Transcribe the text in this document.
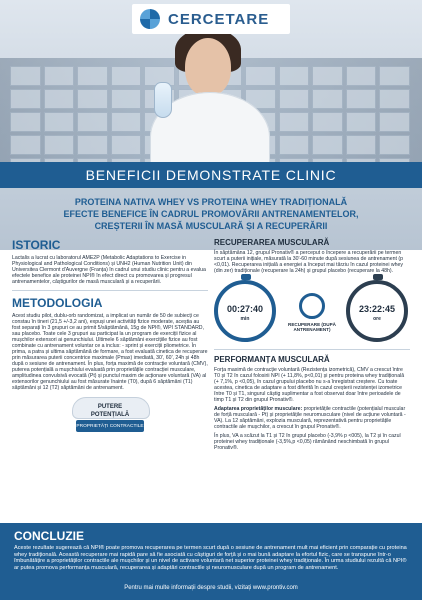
CERCETARE
BENEFICII DEMONSTRATE CLINIC
PROTEINA NATIVA WHEY VS PROTEINA WHEY TRADIȚIONALĂ
EFECTE BENEFICE ÎN CADRUL PROMOVĂRII ANTRENAMENTELOR,
CREȘTERII ÎN MASĂ MUSCULARĂ ȘI A RECUPERĂRII
ISTORIC

Lactalis a lucrat cu laboratorul AME2P (Metabolic Adaptations to Exercise in Physiological and Pathological Conditions) și UNH2 (Human Nutrition Unit) din Universitea Clermont d'Auvergne (Franța) în cadrul unui studiu clinic pentru a evalua efectele benefice ale proteinei NPI® în efect direct cu promovarea și progresul antrenamentelor, câștigurilor de masă musculară și a recuperării.

METODOLOGIA

Acest studiu pilot, dublu-orb randomizat, a implicat un număr de 50 de subiecți ce constau în tineri (21,5 +/-3,2 ani), expuși unei activități fizice moderate, aceștia au fost separați în 3 grupuri ce au primit 5/săptămână, 15g de NPI®, WPI STANDARD, sau placebo. Toate cele 3 grupuri au participat la un program de exerciții fizice al mușchilor extensori ai genunchiului. Ultimele 6 săptămâni exercițiile fizice au fost combinate cu antrenament voluntar ce a inclus: - sprint și exerciții pliometrice. În prima, a patra și ultima săptămână de formare, a fost evaluată cinetica de recuperare prin măsurarea puterii concentrice maximale (Pmax) imediată, 30', 60', 24h și 48h după o sesiune de antrenament. În plus, forța maximă de contracție voluntară (CMV), puterea potențială a mușchiului evaluată prin proprietățile contracției musculare, amplitudinea convulsivă evocată (Pt) și punctul maxim de acționare voluntară (VA) al extensorilor genunchiului au fost măsurate înainte (T0), după 6 săptămâni (T1) săptămâni și 12 (T2) săptămâni de antrenament.

PUTERE
POTENȚIALĂ
PROPRIETĂȚI CONTRACTILE
RECUPERAREA MUSCULARĂ

În săptămâna 12, grupul Pronativ® a perceput o începere a recuperării pe termen scurt a puterii inițiale, măsurată la 30'-60 minute după sesiunea de antrenament (p <0,01). Recuperarea inițială a energiei a început mai târziu în cazul proteinei whey (din zer) tradiționale (recuperare la 24h) și grupul placebo (recuperare la 48h).

00:27:40
min
RECUPERARE (DUPĂ ANTRENAMENT)
23:22:45
ore
PERFORMANȚA MUSCULARĂ

Forța maximă de contracție voluntară (Rezistența izometrică), CMV a crescut între T0 și T2 în cazul folosirii NPI (+ 11,8%, p<0,01) și pentru proteina whey tradițională (+ 7,1%, p <0,05), în cazul grupului placebo nu s-a înregistrat creștere. Cu toate acestea, cinetica de adaptare a fost diferită în cazul creșterii rezistenței izometrice între T0 și T1, singurul câștig suplimentar a fost observat doar între perioadele de timp T1 și T2 din grupul Pronativ®.

Adaptarea proprietăților musculare: proprietățile contractile (potențialul muscular de forță musculară - Pt) și proprietățile neuromusculare (nivel de acțiune voluntară - VA). La 12 săptămâni, explozia musculară, reprezentativă pentru proprietățile contractile ale mușchilor, a crescut în grupul Pronativ®.

În plus, VA a scăzut la T1 și T2 în grupul placebo (-3,9% p <005), la T2 și în cazul proteinei whey tradiționale (-3,5%,p <0,05) rămânând neschimbată în grupul Pronativ®.

CONCLUZIE

Aceste rezultate sugerează că NPI® poate promova recuperarea pe termen scurt după o sesiune de antrenament mult mai eficient prin comparație cu proteina whey tradițională. Această recuperare mai rapidă pare să fie asociată cu câștiguri de forță și o mai bună adaptare la efortul fizic, care se transpune într-o îmbunătățire a proprietăților contractile ale mușchilor și un nivel de activare voluntară net superior proteinei whey tradiționale. În urma studiului rezultă că NPI® ar putea promova performanța musculară, recuperarea și adaptări contractile și neuromusculare după un program de antrenament.

Pentru mai multe informații despre studii, vizitați www.prontiv.com
